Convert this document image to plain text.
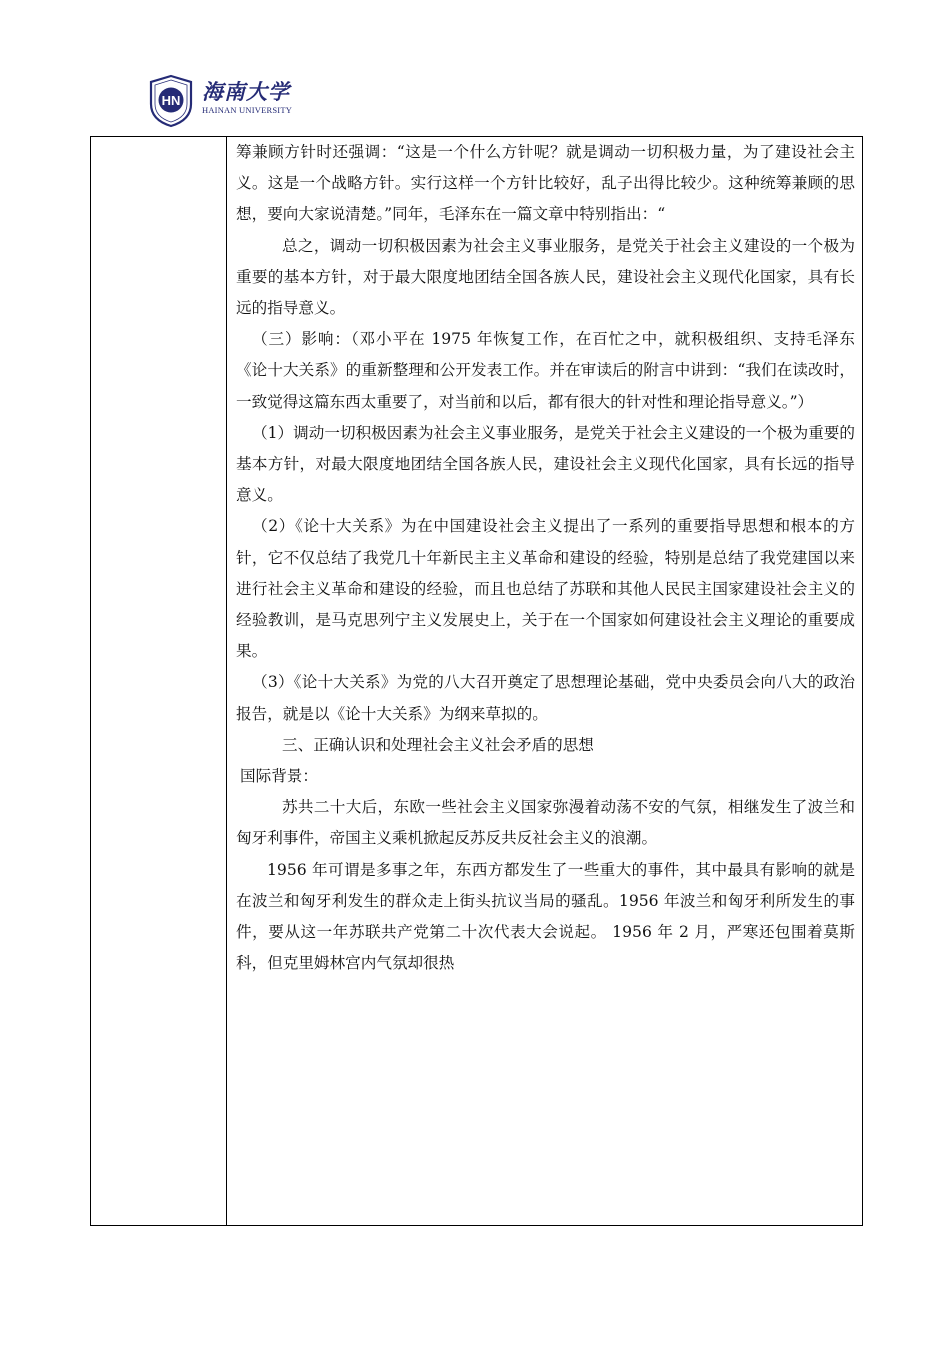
HN 海南大学
HAINAN UNIVERSITY

筹兼顾方针时还强调：“这是一个什么方针呢？就是调动一切积极力量，为了建设社会主义。这是一个战略方针。实行这样一个方针比较好，乱子出得比较少。这种统筹兼顾的思想，要向大家说清楚。”同年，毛泽东在一篇文章中特别指出：“

总之，调动一切积极因素为社会主义事业服务，是党关于社会主义建设的一个极为重要的基本方针，对于最大限度地团结全国各族人民，建设社会主义现代化国家，具有长远的指导意义。

（三）影响：（邓小平在 1975 年恢复工作，在百忙之中，就积极组织、支持毛泽东《论十大关系》的重新整理和公开发表工作。并在审读后的附言中讲到：“我们在读改时，一致觉得这篇东西太重要了，对当前和以后，都有很大的针对性和理论指导意义。”）

（1）调动一切积极因素为社会主义事业服务，是党关于社会主义建设的一个极为重要的基本方针，对最大限度地团结全国各族人民，建设社会主义现代化国家，具有长远的指导意义。

（2）《论十大关系》为在中国建设社会主义提出了一系列的重要指导思想和根本的方针，它不仅总结了我党几十年新民主主义革命和建设的经验，特别是总结了我党建国以来进行社会主义革命和建设的经验，而且也总结了苏联和其他人民民主国家建设社会主义的经验教训，是马克思列宁主义发展史上，关于在一个国家如何建设社会主义理论的重要成果。

（3）《论十大关系》为党的八大召开奠定了思想理论基础，党中央委员会向八大的政治报告，就是以《论十大关系》为纲来草拟的。

三、正确认识和处理社会主义社会矛盾的思想

国际背景：

苏共二十大后，东欧一些社会主义国家弥漫着动荡不安的气氛，相继发生了波兰和匈牙利事件，帝国主义乘机掀起反苏反共反社会主义的浪潮。

1956 年可谓是多事之年，东西方都发生了一些重大的事件，其中最具有影响的就是在波兰和匈牙利发生的群众走上街头抗议当局的骚乱。1956 年波兰和匈牙利所发生的事件，要从这一年苏联共产党第二十次代表大会说起。 1956 年 2 月，严寒还包围着莫斯科，但克里姆林宫内气氛却很热
